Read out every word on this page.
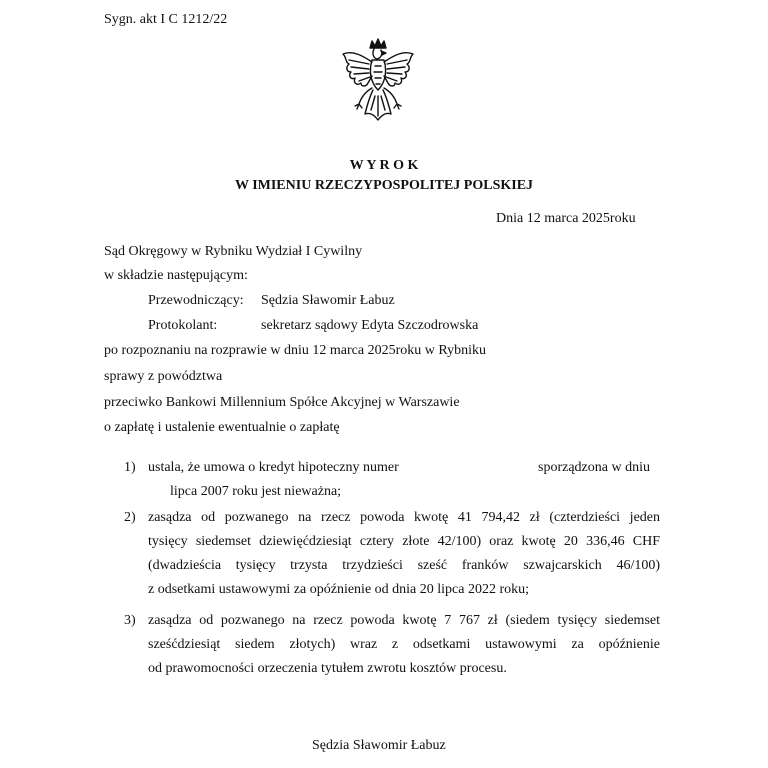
Sygn. akt I C 1212/22
W Y R O K
W IMIENIU RZECZYPOSPOLITEJ POLSKIEJ
Dnia 12 marca 2025roku
Sąd Okręgowy w Rybniku Wydział I Cywilny
w składzie następującym:
Przewodniczący: Sędzia Sławomir Łabuz
Protokolant:	sekretarz sądowy Edyta Szczodrowska
po rozpoznaniu na rozprawie w dniu 12 marca 2025roku w Rybniku
sprawy z powództwa
przeciwko Bankowi Millennium Spółce Akcyjnej w Warszawie
o zapłatę i ustalenie ewentualnie o zapłatę
1) ustala, że umowa o kredyt hipoteczny numer	sporządzona w dniu
lipca 2007 roku jest nieważna;
2) zasądza od pozwanego na rzecz powoda kwotę 41 794,42 zł (czterdzieści jeden
tysięcy siedemset dziewięćdziesiąt cztery złote 42/100) oraz kwotę 20 336,46 CHF
(dwadzieścia tysięcy trzysta trzydzieści sześć franków szwajcarskich 46/100)
z odsetkami ustawowymi za opóźnienie od dnia 20 lipca 2022 roku;
3) zasądza od pozwanego na rzecz powoda kwotę 7 767 zł (siedem tysięcy siedemset
sześćdziesiąt siedem złotych) wraz z odsetkami ustawowymi za opóźnienie
od prawomocności orzeczenia tytułem zwrotu kosztów procesu.
Sędzia Sławomir Łabuz
